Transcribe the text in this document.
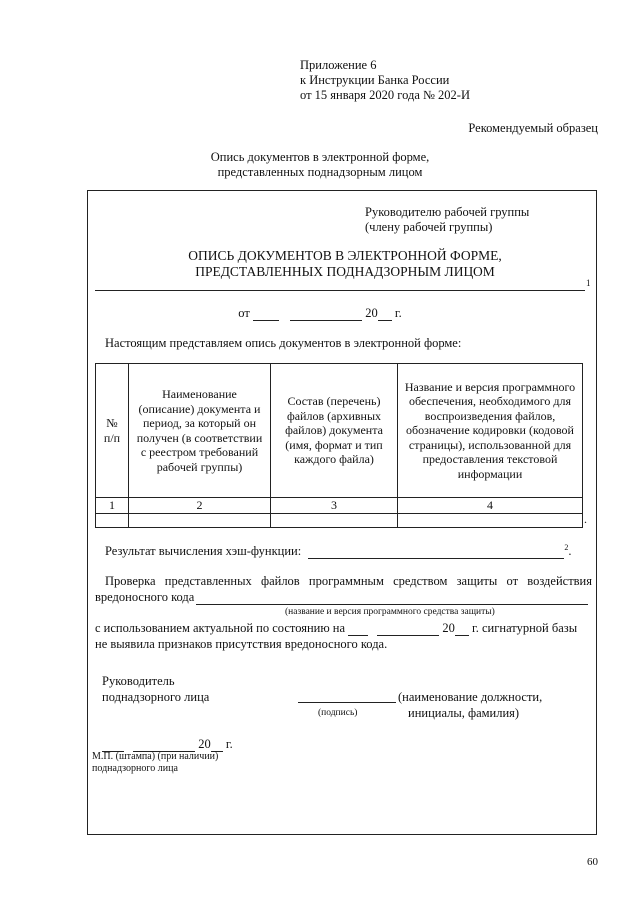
Приложение 6
к Инструкции Банка России
от 15 января 2020 года № 202-И
Рекомендуемый образец
Опись документов в электронной форме,
представленных поднадзорным лицом
Руководителю рабочей группы
(члену рабочей группы)
ОПИСЬ ДОКУМЕНТОВ В ЭЛЕКТРОННОЙ ФОРМЕ,
ПРЕДСТАВЛЕННЫХ ПОДНАДЗОРНЫМ ЛИЦОМ
1
от	20 г.
Настоящим представляем опись документов в электронной форме:
№ п/п	Наименование (описание) документа и период, за который он получен (в соответствии с реестром требований рабочей группы)	Состав (перечень) файлов (архивных файлов) документа (имя, формат и тип каждого файла)	Название и версия программного обеспечения, необходимого для воспроизведения файлов, обозначение кодировки (кодовой страницы), использованной для предоставления текстовой информации
1	2	3	4

.
Результат вычисления хэш-функции:	$^2$.
Проверка представленных файлов программным средством защиты от воздействия вредоносного кода
(название и версия программного средства защиты)
с использованием актуальной по состоянию на	20 г. сигнатурной базы
не выявила признаков присутствия вредоносного кода.
Руководитель
поднадзорного лица	(наименование должности,
(подпись)	инициалы, фамилия)
20 г.
М.П. (штампа) (при наличии)
поднадзорного лица
60
